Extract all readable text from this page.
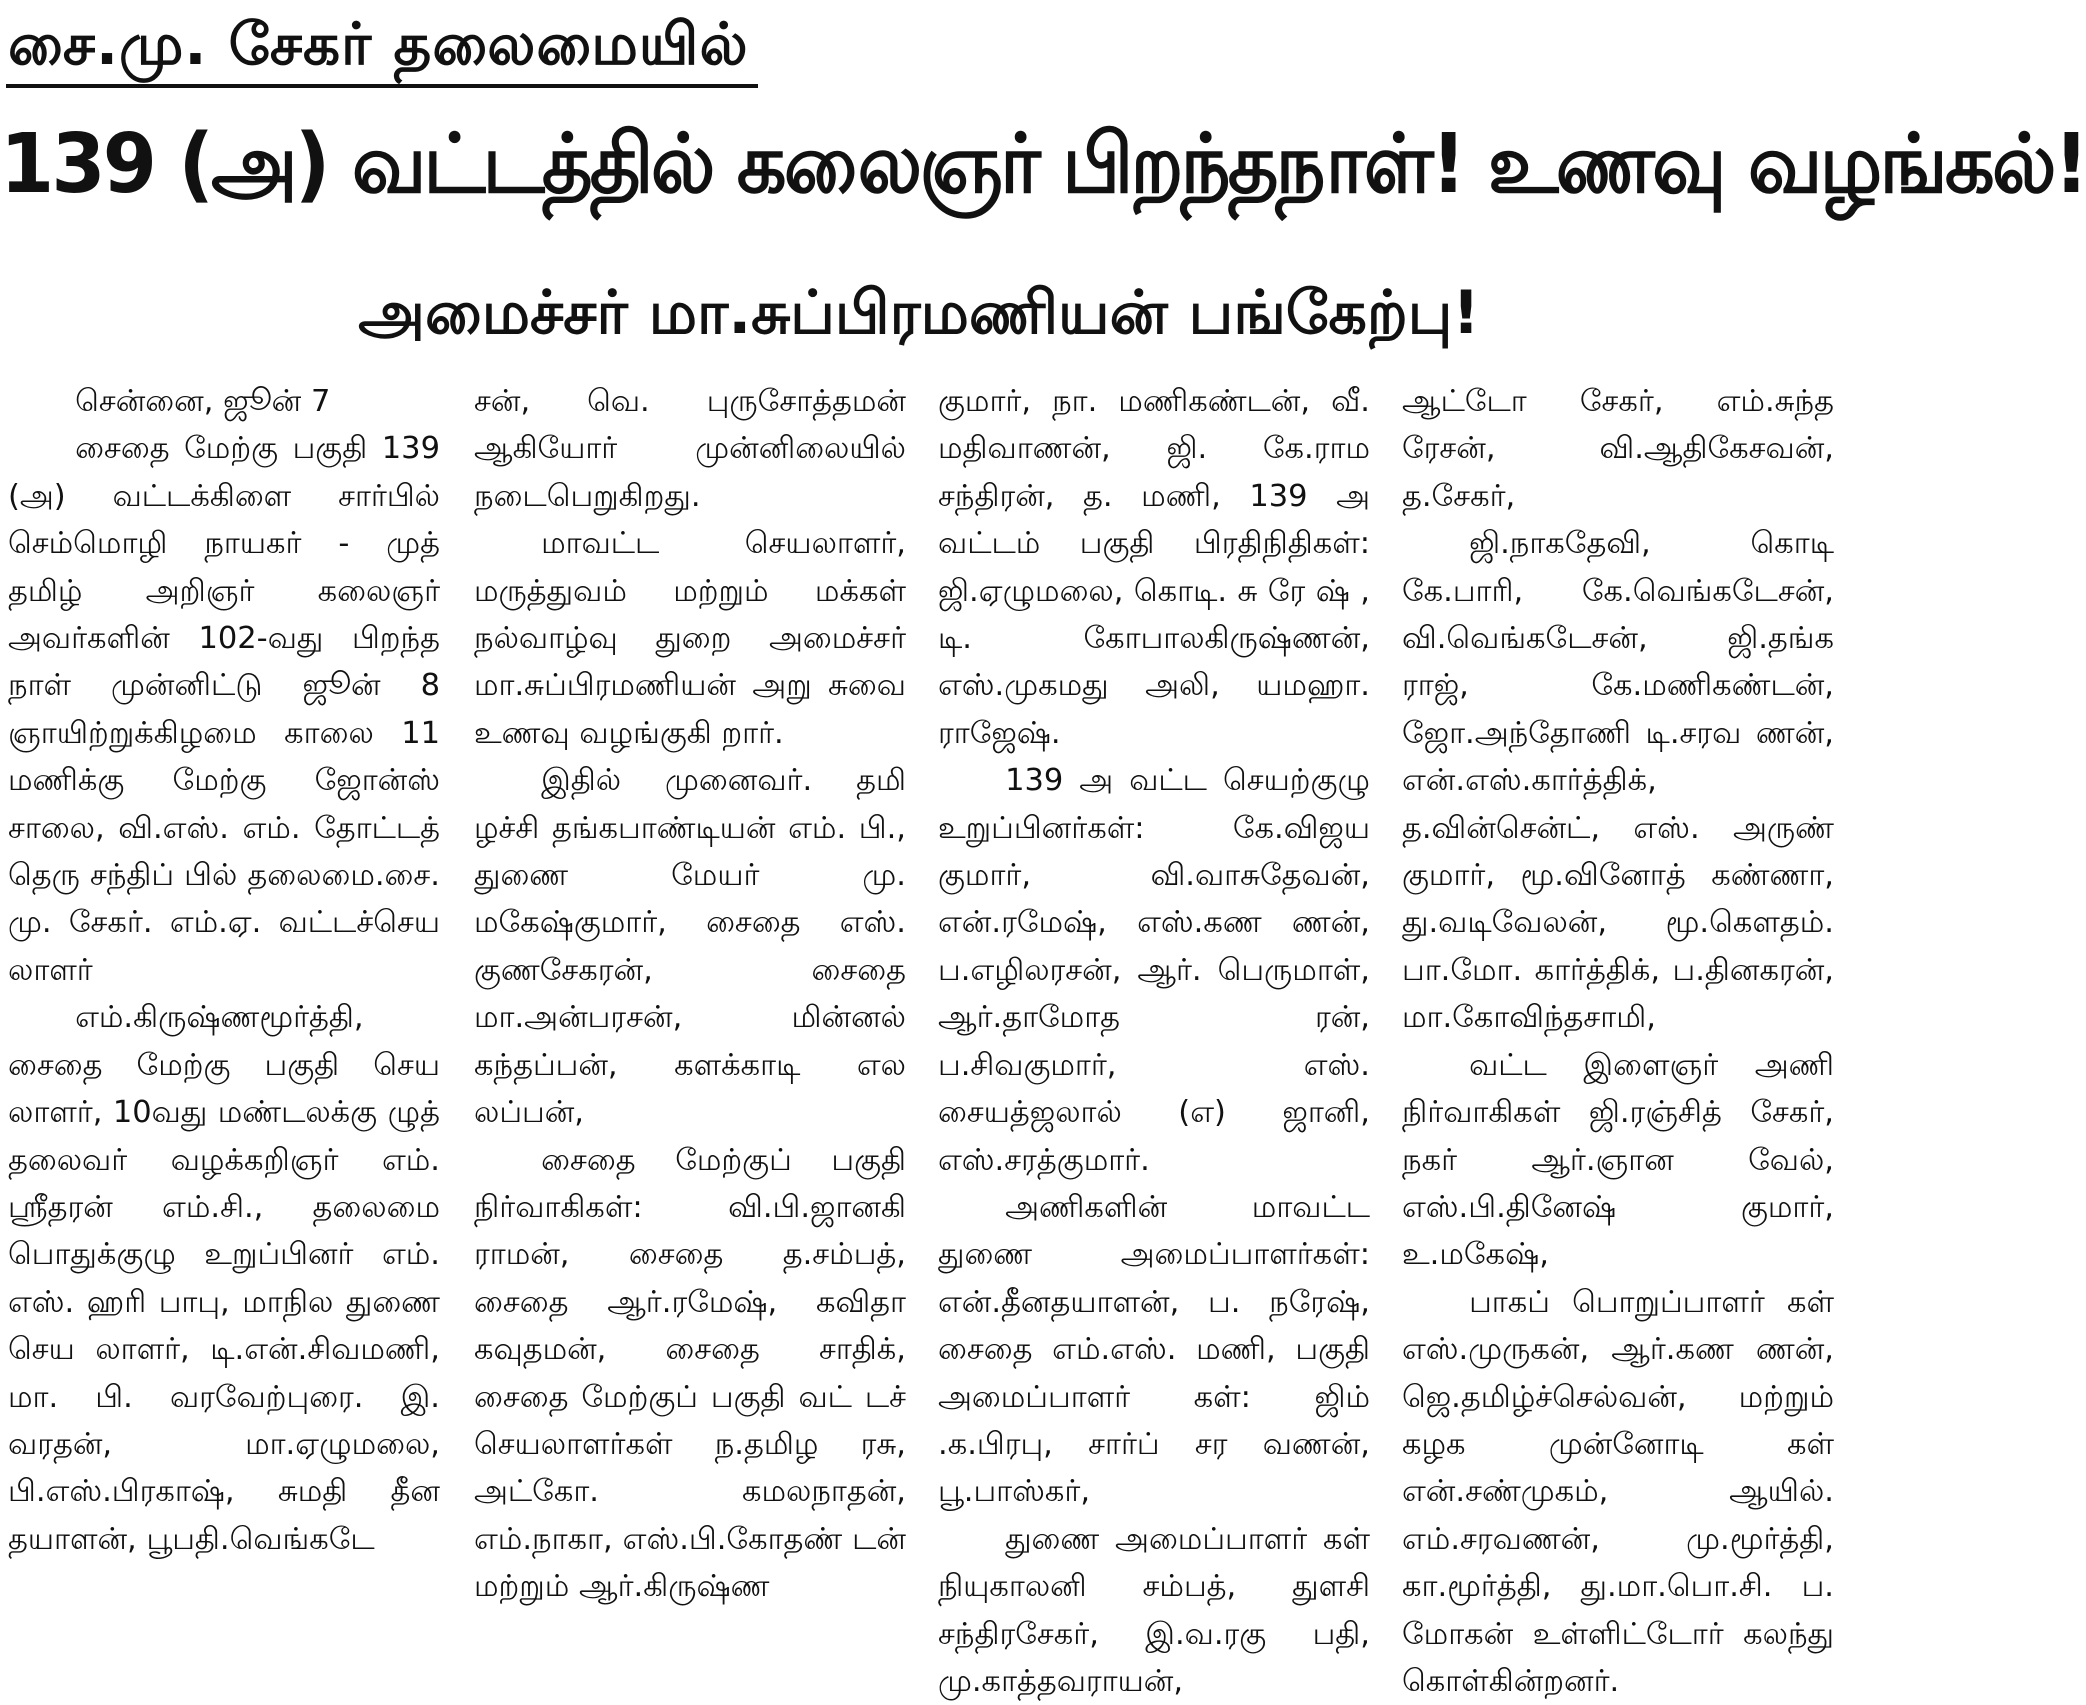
சை.மு. சேகர் தலைமையில்
139 (அ) வட்டத்தில் கலைஞர் பிறந்தநாள்! உணவு வழங்கல்!
அமைச்சர் மா.சுப்பிரமணியன் பங்கேற்பு!

சென்னை, ஜூன் 7

சைதை மேற்கு பகுதி 139 (அ) வட்டக்கிளை சார்பில் செம்மொழி நாயகர் - முத் தமிழ் அறிஞர் கலைஞர் அவர்களின் 102-வது பிறந்த நாள் முன்னிட்டு ஜூன் 8 ஞாயிற்றுக்கிழமை காலை 11 மணிக்கு மேற்கு ஜோன்ஸ் சாலை, வி.எஸ். எம். தோட்டத் தெரு சந்திப் பில் தலைமை.சை. மு. சேகர். எம்.ஏ. வட்டச்செய லாளர்

எம்.கிருஷ்ணமூர்த்தி, சைதை மேற்கு பகுதி செய லாளர், 10வது மண்டலக்கு ழுத் தலைவர் வழக்கறிஞர் எம். ஸ்ரீதரன் எம்.சி., தலைமை பொதுக்குழு உறுப்பினர் எம். எஸ். ஹரி பாபு, மாநில துணை செய லாளர், டி.என்.சிவமணி, மா. பி. வரவேற்புரை. இ. வரதன், மா.ஏழுமலை, பி.எஸ்.பிரகாஷ், சுமதி தீன தயாளன், பூபதி.வெங்கடே

சன், வெ. புருசோத்தமன் ஆகியோர் முன்னிலையில் நடைபெறுகிறது.

மாவட்ட செயலாளர், மருத்துவம் மற்றும் மக்கள் நல்வாழ்வு துறை அமைச்சர் மா.சுப்பிரமணியன் அறு சுவை உணவு வழங்குகி றார்.

இதில் முனைவர். தமி ழச்சி தங்கபாண்டியன் எம். பி., துணை மேயர் மு. மகேஷ்குமார், சைதை எஸ். குணசேகரன், சைதை மா.அன்பரசன், மின்னல் கந்தப்பன், களக்காடி எல லப்பன்,

சைதை மேற்குப் பகுதி நிர்வாகிகள்: வி.பி.ஜானகி ராமன், சைதை த.சம்பத், சைதை ஆர்.ரமேஷ், கவிதா கவுதமன், சைதை சாதிக், சைதை மேற்குப் பகுதி வட் டச் செயலாளர்கள் ந.தமிழ ரசு, அட்கோ. கமலநாதன், எம்.நாகா, எஸ்.பி.கோதண் டன் மற்றும் ஆர்.கிருஷ்ண

குமார், நா. மணிகண்டன், வீ. மதிவாணன், ஜி. கே.ராம சந்திரன், த. மணி, 139 அ வட்டம் பகுதி பிரதிநிதிகள்: ஜி.ஏழுமலை, கொடி. சு ரே ஷ் , டி. கோபாலகிருஷ்ணன், எஸ்.முகமது அலி, யமஹா. ராஜேஷ்.

139 அ வட்ட செயற்குழு உறுப்பினர்கள்: கே.விஜய குமார், வி.வாசுதேவன், என்.ரமேஷ், எஸ்.கண ணன், ப.எழிலரசன், ஆர். பெருமாள், ஆர்.தாமோத ரன், ப.சிவகுமார், எஸ். சையத்ஜலால் (எ) ஜானி, எஸ்.சரத்குமார்.

அணிகளின் மாவட்ட துணை அமைப்பாளர்கள்: என்.தீனதயாளன், ப. நரேஷ், சைதை எம்.எஸ். மணி, பகுதி அமைப்பாளர் கள்: ஜிம் .க.பிரபு, சார்ப் சர வணன், பூ.பாஸ்கர்,

துணை அமைப்பாளர் கள் நியுகாலனி சம்பத், துளசி சந்திரசேகர், இ.வ.ரகு பதி, மு.காத்தவராயன்,

ஆட்டோ சேகர், எம்.சுந்த ரேசன், வி.ஆதிகேசவன், த.சேகர்,

ஜி.நாகதேவி, கொடி கே.பாரி, கே.வெங்கடேசன், வி.வெங்கடேசன், ஜி.தங்க ராஜ், கே.மணிகண்டன், ஜோ.அந்தோணி டி.சரவ ணன், என்.எஸ்.கார்த்திக், த.வின்சென்ட், எஸ். அருண் குமார், மூ.வினோத் கண்ணா, து.வடிவேலன், மூ.கௌதம். பா.மோ. கார்த்திக், ப.தினகரன், மா.கோவிந்தசாமி,

வட்ட இளைஞர் அணி நிர்வாகிகள் ஜி.ரஞ்சித் சேகர், நகர் ஆர்.ஞான வேல், எஸ்.பி.தினேஷ் குமார், உ.மகேஷ்,

பாகப் பொறுப்பாளர் கள் எஸ்.முருகன், ஆர்.கண ணன், ஜெ.தமிழ்ச்செல்வன், மற்றும் கழக முன்னோடி கள் என்.சண்முகம், ஆயில். எம்.சரவணன், மு.மூர்த்தி, கா.மூர்த்தி, து.மா.பொ.சி. ப. மோகன் உள்ளிட்டோர் கலந்து கொள்கின்றனர்.
